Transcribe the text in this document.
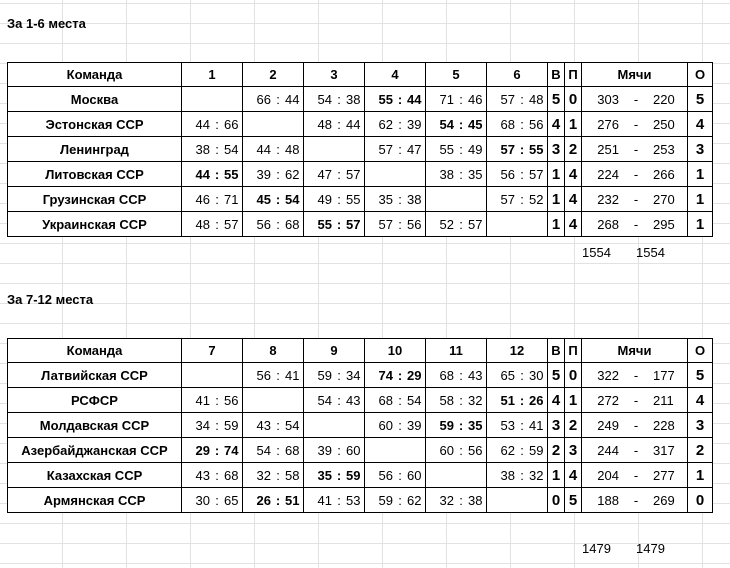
За 1-6 места
Команда	1	2	3	4	5	6	В	П	Мячи	О
Москва		66 : 44	54 : 38	55 : 44	71 : 46	57 : 48	5	0	303 - 220	5
Эстонская ССР	44 : 66		48 : 44	62 : 39	54 : 45	68 : 56	4	1	276 - 250	4
Ленинград	38 : 54	44 : 48		57 : 47	55 : 49	57 : 55	3	2	251 - 253	3
Литовская ССР	44 : 55	39 : 62	47 : 57		38 : 35	56 : 57	1	4	224 - 266	1
Грузинская ССР	46 : 71	45 : 54	49 : 55	35 : 38		57 : 52	1	4	232 - 270	1
Украинская ССР	48 : 57	56 : 68	55 : 57	57 : 56	52 : 57		1	4	268 - 295	1
1554 1554
За 7-12 места
Команда	7	8	9	10	11	12	В	П	Мячи	О
Латвийская ССР		56 : 41	59 : 34	74 : 29	68 : 43	65 : 30	5	0	322 - 177	5
РСФСР	41 : 56		54 : 43	68 : 54	58 : 32	51 : 26	4	1	272 - 211	4
Молдавская ССР	34 : 59	43 : 54		60 : 39	59 : 35	53 : 41	3	2	249 - 228	3
Азербайджанская ССР	29 : 74	54 : 68	39 : 60		60 : 56	62 : 59	2	3	244 - 317	2
Казахская ССР	43 : 68	32 : 58	35 : 59	56 : 60		38 : 32	1	4	204 - 277	1
Армянская ССР	30 : 65	26 : 51	41 : 53	59 : 62	32 : 38		0	5	188 - 269	0
1479 1479
